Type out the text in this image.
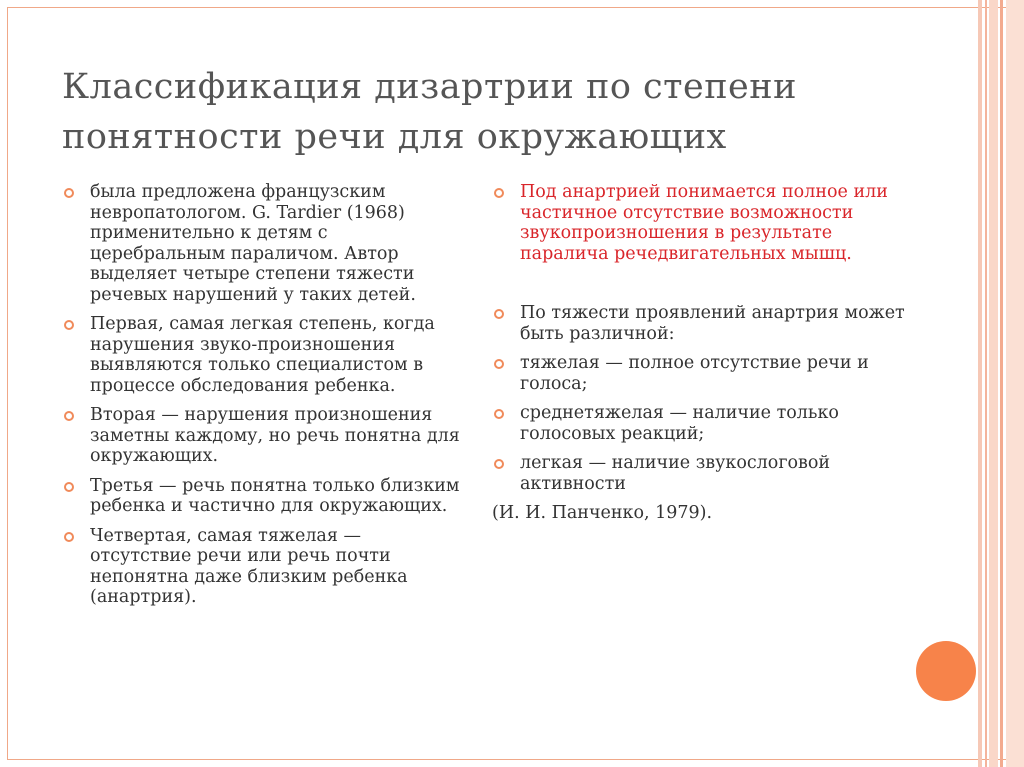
Классификация дизартрии по степени
понятности речи для окружающих
была предложена французским невропатологом. G. Tardier (1968) применительно к детям с церебральным параличом. Автор выделяет четыре степени тяжести речевых нарушений у таких детей.
Первая, самая легкая степень, когда нарушения звуко-произношения выявляются только специалистом в процессе обследования ребенка.
Вторая — нарушения произношения заметны каждому, но речь понятна для окружающих.
Третья — речь понятна только близким ребенка и частично для окружающих.
Четвертая, самая тяжелая — отсутствие речи или речь почти непонятна даже близким ребенка (анартрия).
Под анартрией понимается полное или частичное отсутствие возможности звукопроизношения в результате паралича речедвигательных мышц.
По тяжести проявлений анартрия может быть различной:
тяжелая — полное отсутствие речи и голоса;
среднетяжелая — наличие только голосовых реакций;
легкая — наличие звукослоговой активности
(И. И. Панченко, 1979).
